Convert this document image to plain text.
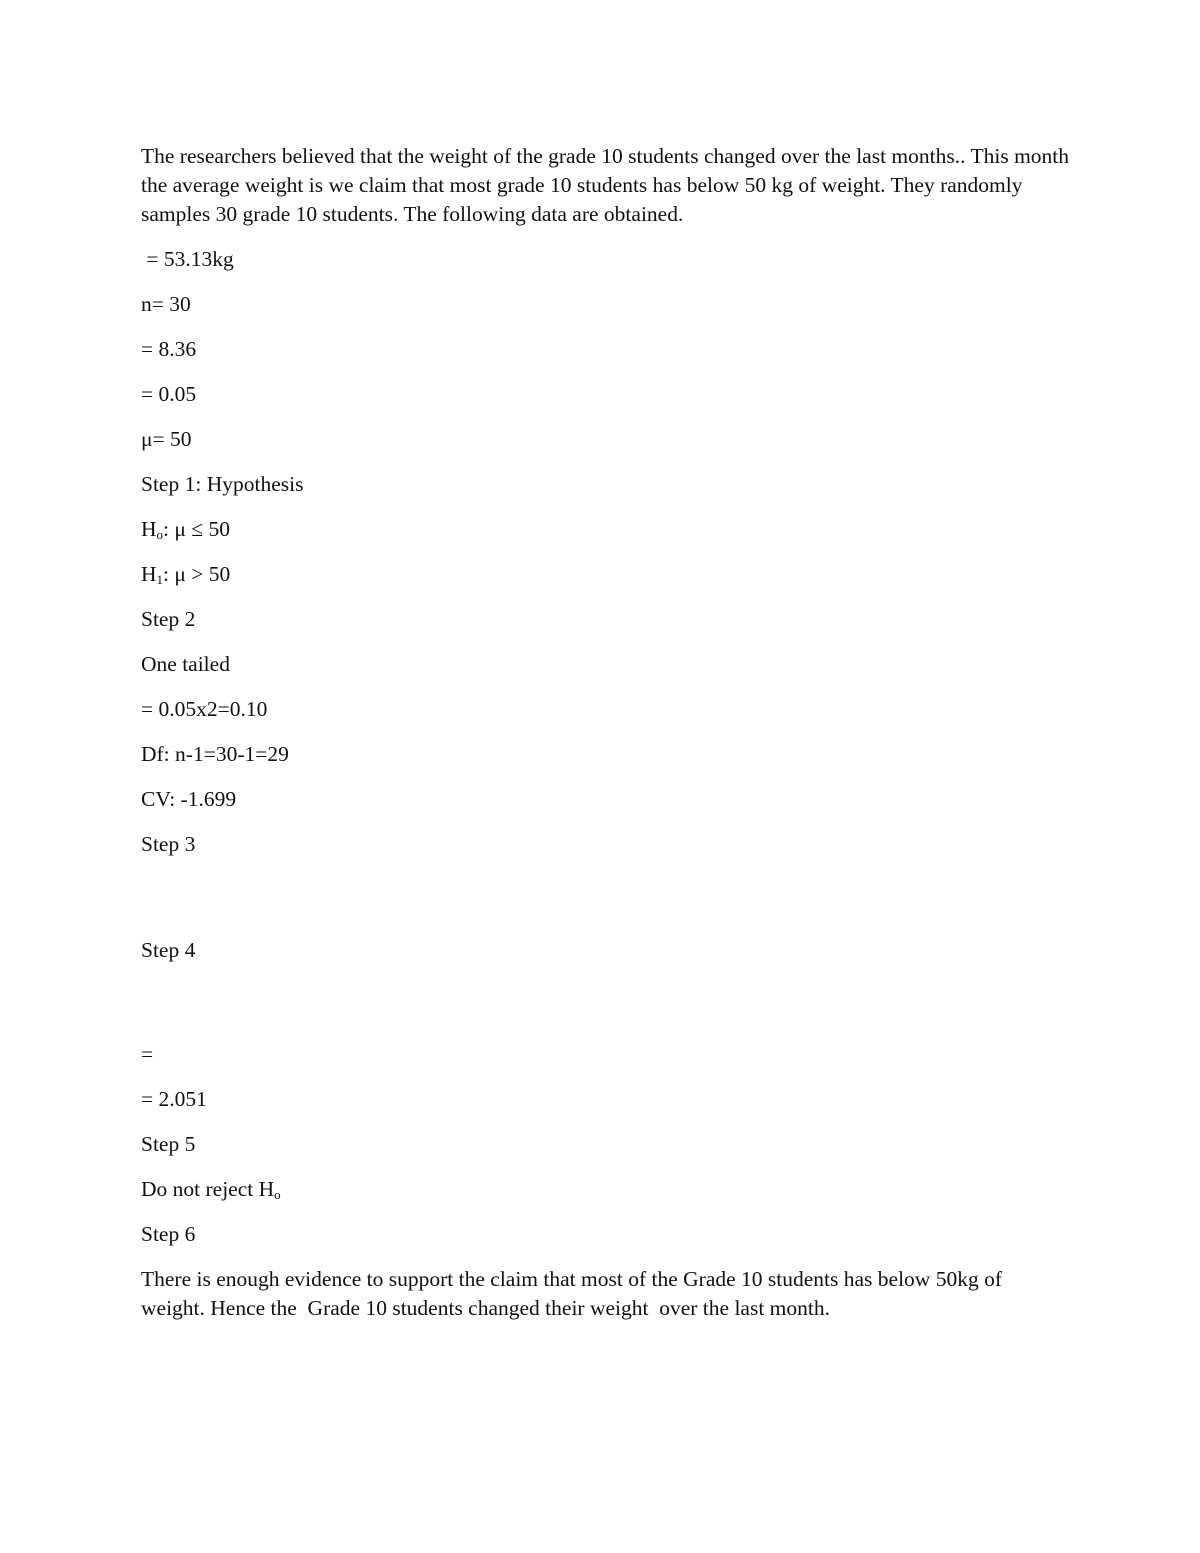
The researchers believed that the weight of the grade 10 students changed over the last months.. This month the average weight is we claim that most grade 10 students has below 50 kg of weight. They randomly samples 30 grade 10 students. The following data are obtained.

= 53.13kg
n= 30
= 8.36
= 0.05
μ= 50
Step 1: Hypothesis
$H_o$: μ ≤ 50
$H_1$: μ > 50
Step 2
One tailed
= 0.05x2=0.10
Df: n-1=30-1=29
CV: -1.699
Step 3
Step 4
=
= 2.051
Step 5
Do not reject $H_o$
Step 6

There is enough evidence to support the claim that most of the Grade 10 students has below 50kg of weight. Hence the  Grade 10 students changed their weight  over the last month.
